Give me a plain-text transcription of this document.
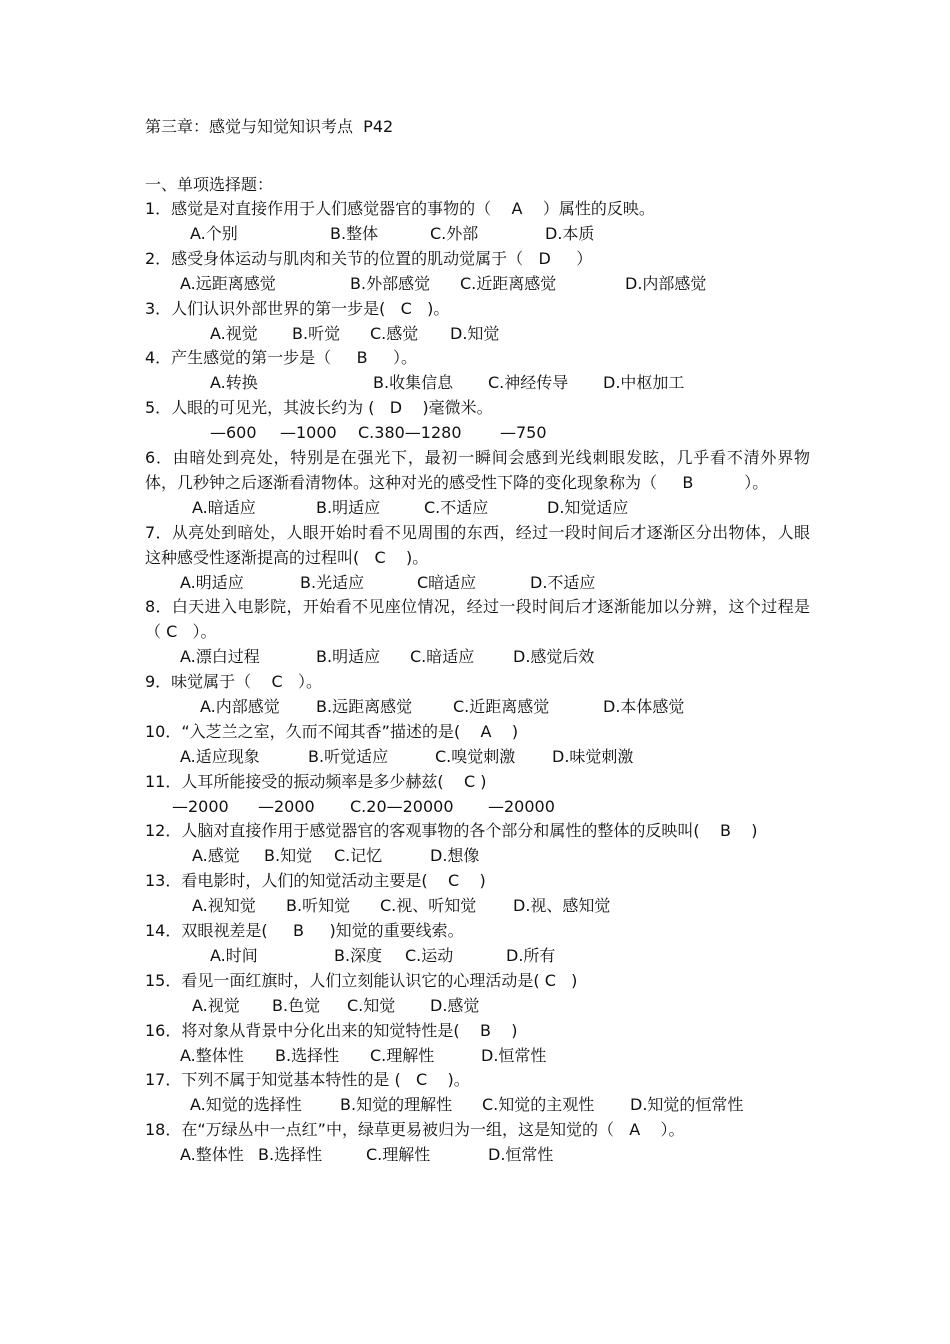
第三章：感觉与知觉知识考点  P42
一、单项选择题：
1．感觉是对直接作用于人们感觉器官的事物的（    A    ）属性的反映。
A.个别	B.整体	C.外部	D.本质
2．感受身体运动与肌肉和关节的位置的肌动觉属于（   D     ）
A.远距离感觉	B.外部感觉 C.近距离感觉	D.内部感觉
3．人们认识外部世界的第一步是(   C   )。
A.视觉 B.听觉 C.感觉 D.知觉
4．产生感觉的第一步是（     B     ）。
A.转换	B.收集信息 C.神经传导 D.中枢加工
5．人眼的可见光，其波长约为 (   D    )毫微米。
—600 —1000 C.380—1280 —750
6．由暗处到亮处，特别是在强光下，最初一瞬间会感到光线刺眼发眩，几乎看不清外界物体，几秒钟之后逐渐看清物体。这种对光的感受性下降的变化现象称为（     B          ）。
A.暗适应	B.明适应	C.不适应	D.知觉适应
7．从亮处到暗处，人眼开始时看不见周围的东西，经过一段时间后才逐渐区分出物体，人眼这种感受性逐渐提高的过程叫(   C    )。
A.明适应	B.光适应	C暗适应	D.不适应
8．白天进入电影院，开始看不见座位情况，经过一段时间后才逐渐能加以分辨，这个过程是（ C   ）。
A.漂白过程	B.明适应 C.暗适应 D.感觉后效
9．味觉属于（    C   ）。
A.内部感觉 B.远距离感觉	C.近距离感觉	D.本体感觉
10．“入芝兰之室，久而不闻其香”描述的是(    A    )
A.适应现象	B.听觉适应	C.嗅觉刺激 D.味觉刺激
11．人耳所能接受的振动频率是多少赫兹(    C )
—2000 —2000 C.20—20000 —20000
12．人脑对直接作用于感觉器官的客观事物的各个部分和属性的整体的反映叫(    B    )
A.感觉 B.知觉 C.记忆	D.想像
13．看电影时，人们的知觉活动主要是(    C    )
A.视知觉 B.听知觉 C.视、听知觉 D.视、感知觉
14．双眼视差是(     B     )知觉的重要线索。
A.时间	B.深度 C.运动	D.所有
15．看见一面红旗时，人们立刻能认识它的心理活动是( C   )
A.视觉 B.色觉 C.知觉 D.感觉
16．将对象从背景中分化出来的知觉特性是(    B    )
A.整体性 B.选择性 C.理解性	D.恒常性
17．下列不属于知觉基本特性的是 (   C    )。
A.知觉的选择性 B.知觉的理解性 C.知觉的主观性 D.知觉的恒常性
18．在“万绿丛中一点红”中，绿草更易被归为一组，这是知觉的（   A    ）。
A.整体性 B.选择性	C.理解性	D.恒常性
